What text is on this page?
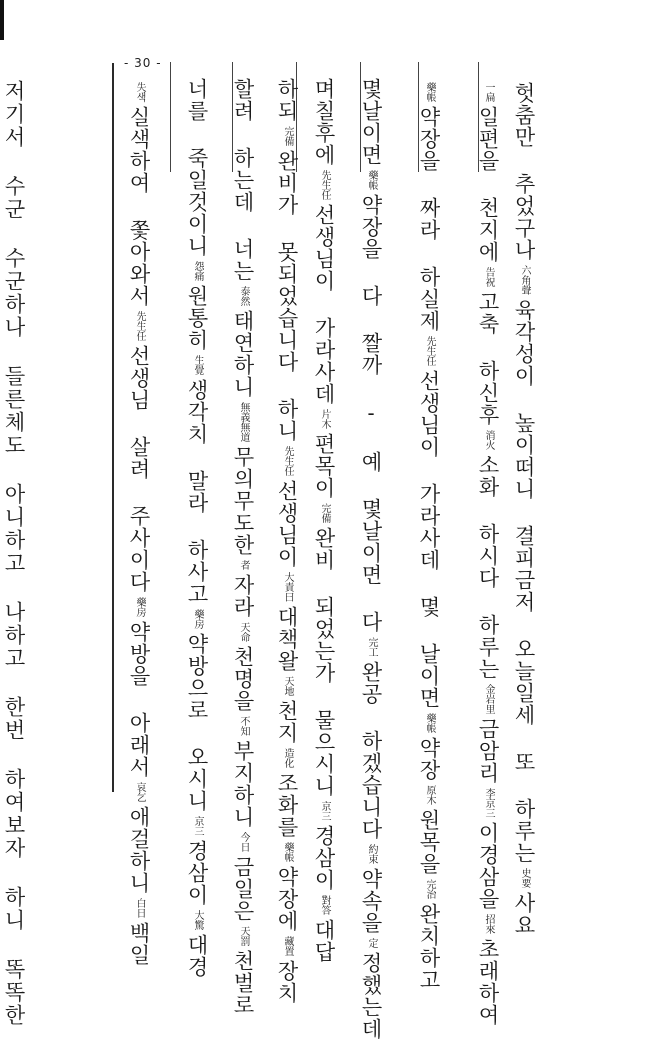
- 30 -
저기서 수군 수군하나 들른체도 아니하고 나하고 한번 하여보자 하니 똑똑한	헛춤만 추었구나六角聲육각성이 높이떠니 결피금저 오늘일세 또 하루는史要사요
一扁일편을 천지에告祝고축 하신후消火소화 하시다 하루는金岩里금암리李京三이경삼을招來초래하여
藥帳약장을 짜라 하실제先生任선생님이 가라사데 몇 날이면藥帳약장原木원목을完治완치하고
몇날이면藥帳약장을 다 짤까 - 예 몇날이면 다完工완공 하겠습니다約束약속을定정했는데
며칠후에先生任선생님이 가라사데片木편목이完備완비 되었는가 물으시니京三경삼이對答대답
하되完備완비가 못되었습니다 하니先生任선생님이大責曰대책왈天地천지造化조화를藥帳약장에藏置장치
할려 하는데 너는泰然태연하니無義無道무의무도한者자라天命천명을不知부지하니今日금일은天罰천벌로
너를 죽일것이니怨痛원통히生覺생각치 말라 하사고藥房약방으로 오시니京三경삼이大驚대경
失색실색하여 쫓아와서先生任선생님 살려 주사이다藥房약방을 아래서哀乞애걸하니白日백일
